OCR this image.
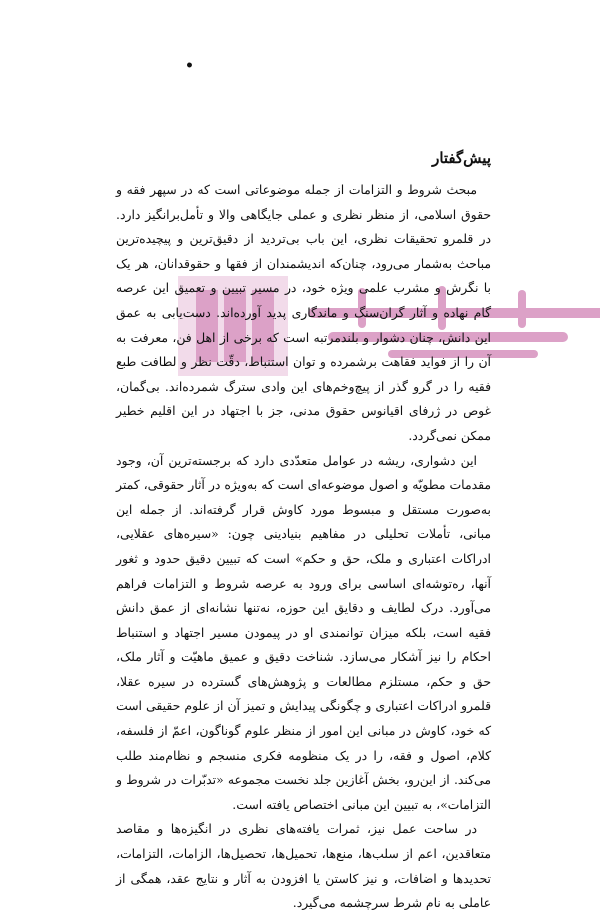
•
پیش‌گفتار

مبحث شروط و التزامات از جمله موضوعاتی است که در سپهر فقه و حقوق اسلامی، از منظر نظری و عملی جایگاهی والا و تأمل‌برانگیز دارد. در قلمرو تحقیقات نظری، این باب بی‌تردید از دقیق‌ترین و پیچیده‌ترین مباحث به‌شمار می‌رود، چنان‌که اندیشمندان از فقها و حقوقدانان، هر یک با نگرش و مشرب علمی ویژه خود، در مسیر تبیین و تعمیق این عرصه گام نهاده و آثار گران‌سنگ و ماندگاری پدید آورده‌اند. دست‌یابی به عمق این دانش، چنان دشوار و بلندمرتبه است که برخی از اهل فن، معرفت به آن را از فواید فقاهت برشمرده و توان استنباط، دقّت نظر و لطافت طبع فقیه را در گرو گذر از پیچ‌وخم‌های این وادی سترگ شمرده‌اند. بی‌گمان، غوص در ژرفای اقیانوس حقوق مدنی، جز با اجتهاد در این اقلیم خطیر ممکن نمی‌گردد.

این دشواری، ریشه در عوامل متعدّدی دارد که برجسته‌ترین آن، وجود مقدمات مطویّه و اصول موضوعه‌ای است که به‌ویژه در آثار حقوقی، کمتر به‌صورت مستقل و مبسوط مورد کاوش قرار گرفته‌اند. از جمله این مبانی، تأملات تحلیلی در مفاهیم بنیادینی چون: «سیره‌های عقلایی، ادراکات اعتباری و ملک، حق و حکم» است که تبیین دقیق حدود و ثغور آنها، ره‌توشه‌ای اساسی برای ورود به عرصه شروط و التزامات فراهم می‌آورد. درک لطایف و دقایق این حوزه، نه‌تنها نشانه‌ای از عمق دانش فقیه است، بلکه میزان توانمندی او در پیمودن مسیر اجتهاد و استنباط احکام را نیز آشکار می‌سازد. شناخت دقیق و عمیق ماهیّت و آثار ملک، حق و حکم، مستلزم مطالعات و پژوهش‌های گسترده در سیره عقلا، قلمرو ادراکات اعتباری و چگونگی پیدایش و تمیز آن از علوم حقیقی است که خود، کاوش در مبانی این امور از منظر علوم گوناگون، اعمّ از فلسفه، کلام، اصول و فقه، را در یک منظومه فکری منسجم و نظام‌مند طلب می‌کند. از این‌رو، بخش آغازین جلد نخست مجموعه «تدبّرات در شروط و التزامات»، به تبیین این مبانی اختصاص یافته است.

در ساحت عمل نیز، ثمرات یافته‌های نظری در انگیزه‌ها و مقاصد متعاقدین، اعم از سلب‌ها، منع‌ها، تحمیل‌ها، تحصیل‌ها، الزامات، التزامات، تحدیدها و اضافات، و نیز کاستن یا افزودن به آثار و نتایج عقد، همگی از عاملی به نام شرط سرچشمه می‌گیرد.
